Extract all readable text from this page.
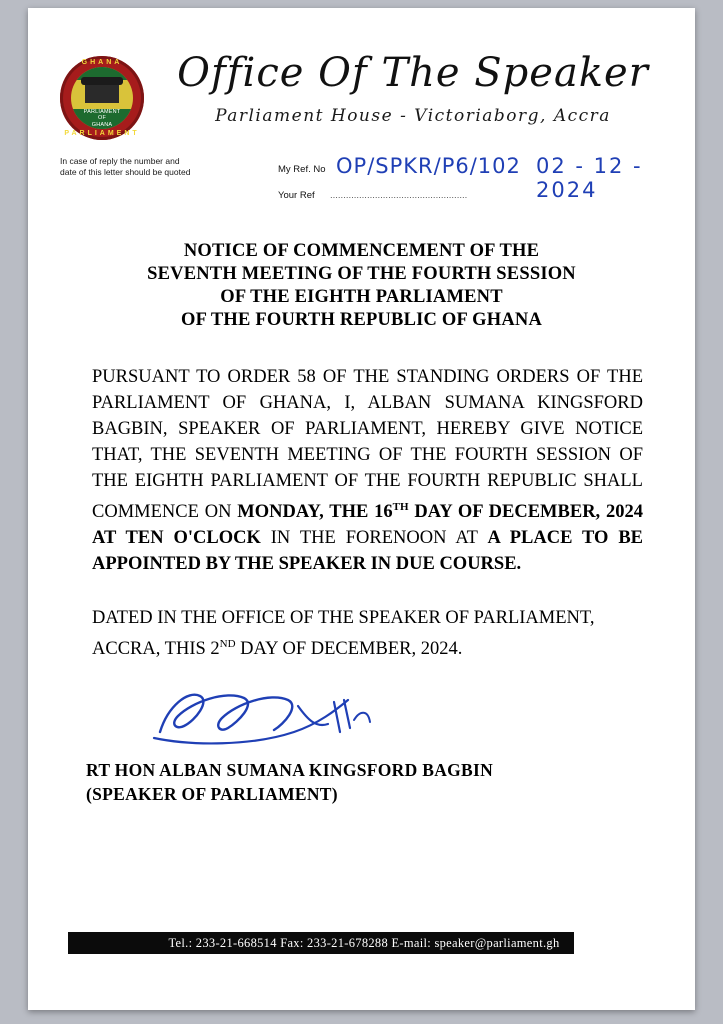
PARLIAMENT
OF
GHANA
GHANA
PARLIAMENT
Office Of The Speaker
Parliament House - Victoriaborg, Accra
In case of reply the number and date of this letter should be quoted	My Ref. No OP/SPKR/P6/102 02 - 12 - 2024
Your Ref ....................................................
NOTICE OF COMMENCEMENT OF THE
SEVENTH MEETING OF THE FOURTH SESSION
OF THE EIGHTH PARLIAMENT
OF THE FOURTH REPUBLIC OF GHANA
PURSUANT TO ORDER 58 OF THE STANDING ORDERS OF THE PARLIAMENT OF GHANA, I, ALBAN SUMANA KINGSFORD BAGBIN, SPEAKER OF PARLIAMENT, HEREBY GIVE NOTICE THAT, THE SEVENTH MEETING OF THE FOURTH SESSION OF THE EIGHTH PARLIAMENT OF THE FOURTH REPUBLIC SHALL COMMENCE ON MONDAY, THE 16TH DAY OF DECEMBER, 2024 AT TEN O'CLOCK IN THE FORENOON AT A PLACE TO BE APPOINTED BY THE SPEAKER IN DUE COURSE.
DATED IN THE OFFICE OF THE SPEAKER OF PARLIAMENT,
ACCRA, THIS 2ND DAY OF DECEMBER, 2024.
RT HON ALBAN SUMANA KINGSFORD BAGBIN
(SPEAKER OF PARLIAMENT)
Tel.: 233-21-668514 Fax: 233-21-678288 E-mail: speaker@parliament.gh
